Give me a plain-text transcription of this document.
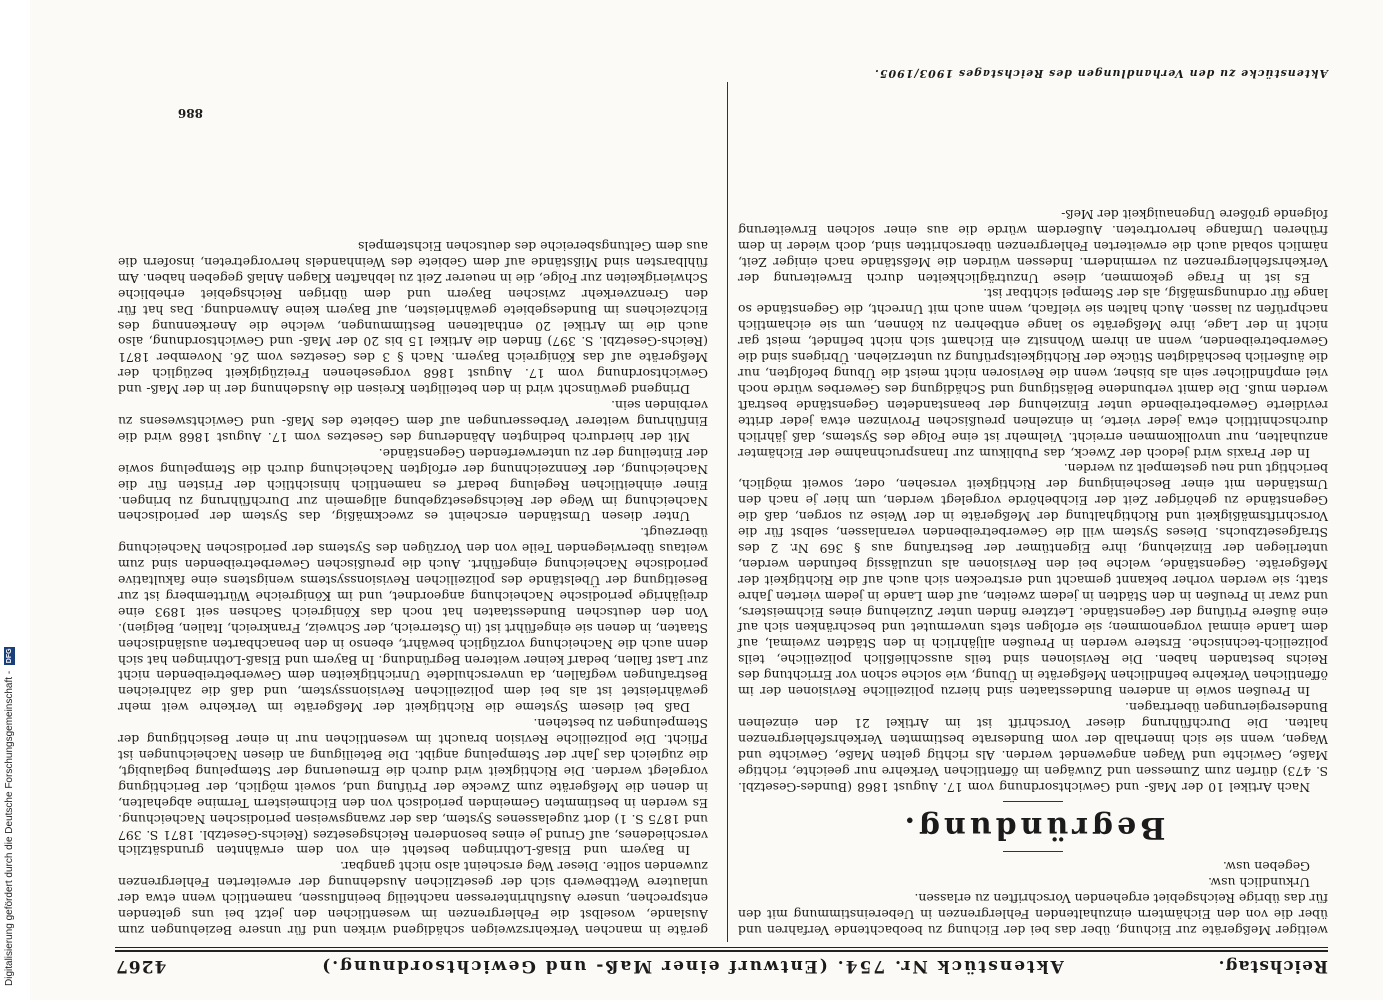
Digitalisierung gefördert durch die Deutsche Forschungsgemeinschaft -
DFG
Reichstag.
Aktenstück Nr. 754. (Entwurf einer Maß- und Gewichtsordnung.)
4267

weitiger Meßgeräte zur Eichung, über das bei der Eichung zu beobachtende Verfahren und über die von den Eichämtern einzuhaltenden Fehlergrenzen in Uebereinstimmung mit den für das übrige Reichsgebiet ergehenden Vorschriften zu erlassen.

Urkundlich usw.

Gegeben usw.

Begründung.

Nach Artikel 10 der Maß- und Gewichtsordnung vom 17. August 1868 (Bundes-Gesetzbl. S. 473) dürfen zum Zumessen und Zuwägen im öffentlichen Verkehre nur geeichte, richtige Maße, Gewichte und Wagen angewendet werden. Als richtig gelten Maße, Gewichte und Wagen, wenn sie sich innerhalb der vom Bundesrate bestimmten Verkehrsfehlergrenzen halten. Die Durchführung dieser Vorschrift ist im Artikel 21 den einzelnen Bundesregierungen übertragen.

In Preußen sowie in anderen Bundesstaaten sind hierzu polizeiliche Revisionen der im öffentlichen Verkehre befindlichen Meßgeräte in Übung, wie solche schon vor Errichtung des Reichs bestanden haben. Die Revisionen sind teils ausschließlich polizeiliche, teils polizeilich-technische. Erstere werden in Preußen alljährlich in den Städten zweimal, auf dem Lande einmal vorgenommen; sie erfolgen stets unvermutet und beschränken sich auf eine äußere Prüfung der Gegenstände. Letztere finden unter Zuziehung eines Eichmeisters, und zwar in Preußen in den Städten in jedem zweiten, auf dem Lande in jedem vierten Jahre statt; sie werden vorher bekannt gemacht und erstrecken sich auch auf die Richtigkeit der Meßgeräte. Gegenstände, welche bei den Revisionen als unzulässig befunden werden, unterliegen der Einziehung, ihre Eigentümer der Bestrafung aus § 369 Nr. 2 des Strafgesetzbuchs. Dieses System will die Gewerbetreibenden veranlassen, selbst für die Vorschriftsmäßigkeit und Richtighaltung der Meßgeräte in der Weise zu sorgen, daß die Gegenstände zu gehöriger Zeit der Eichbehörde vorgelegt werden, um hier je nach den Umständen mit einer Bescheinigung der Richtigkeit versehen, oder, soweit möglich, berichtigt und neu gestempelt zu werden.

In der Praxis wird jedoch der Zweck, das Publikum zur Inanspruchnahme der Eichämter anzuhalten, nur unvollkommen erreicht. Vielmehr ist eine Folge des Systems, daß jährlich durchschnittlich etwa jeder vierte, in einzelnen preußischen Provinzen etwa jeder dritte revidierte Gewerbetreibende unter Einziehung der beanstandeten Gegenstände bestraft werden muß. Die damit verbundene Belästigung und Schädigung des Gewerbes würde noch viel empfindlicher sein als bisher, wenn die Revisoren nicht meist die Übung befolgten, nur die äußerlich beschädigten Stücke der Richtigkeitsprüfung zu unterziehen. Übrigens sind die Gewerbetreibenden, wenn an ihrem Wohnsitz ein Eichamt sich nicht befindet, meist gar nicht in der Lage, ihre Meßgeräte so lange entbehren zu können, um sie eichamtlich nachprüfen zu lassen. Auch halten sie vielfach, wenn auch mit Unrecht, die Gegenstände so lange für ordnungsmäßig, als der Stempel sichtbar ist.

Es ist in Frage gekommen, diese Unzuträglichkeiten durch Erweiterung der Verkehrsfehlergrenzen zu vermindern. Indessen würden die Meßstände nach einiger Zeit, nämlich sobald auch die erweiterten Fehlergrenzen überschritten sind, doch wieder in dem früheren Umfange hervortreten. Außerdem würde die aus einer solchen Erweiterung folgende größere Ungenauigkeit der Meß-

geräte in manchen Verkehrszweigen schädigend wirken und für unsere Beziehungen zum Auslande, woselbst die Fehlergrenzen im wesentlichen den jetzt bei uns geltenden entsprechen, unsere Ausfuhrinteressen nachteilig beeinflussen, namentlich wenn etwa der unlautere Wettbewerb sich der gesetzlichen Ausdehnung der erweiterten Fehlergrenzen zuwenden sollte. Dieser Weg erscheint also nicht gangbar.

In Bayern und Elsaß-Lothringen besteht ein von dem erwähnten grundsätzlich verschiedenes, auf Grund je eines besonderen Reichsgesetzes (Reichs-Gesetzbl. 1871 S. 397 und 1875 S. 1) dort zugelassenes System, das der zwangsweisen periodischen Nacheichung. Es werden in bestimmten Gemeinden periodisch von den Eichmeistern Termine abgehalten, in denen die Meßgeräte zum Zwecke der Prüfung und, soweit möglich, der Berichtigung vorgelegt werden. Die Richtigkeit wird durch die Erneuerung der Stempelung beglaubigt, die zugleich das Jahr der Stempelung angibt. Die Beteiligung an diesen Nacheichungen ist Pflicht. Die polizeiliche Revision braucht im wesentlichen nur in einer Besichtigung der Stempelungen zu bestehen.

Daß bei diesem Systeme die Richtigkeit der Meßgeräte im Verkehre weit mehr gewährleistet ist als bei dem polizeilichen Revisionssystem, und daß die zahlreichen Bestrafungen wegfallen, da unverschuldete Unrichtigkeiten dem Gewerbetreibenden nicht zur Last fallen, bedarf keiner weiteren Begründung. In Bayern und Elsaß-Lothringen hat sich denn auch die Nacheichung vorzüglich bewährt, ebenso in den benachbarten ausländischen Staaten, in denen sie eingeführt ist (in Österreich, der Schweiz, Frankreich, Italien, Belgien). Von den deutschen Bundesstaaten hat noch das Königreich Sachsen seit 1893 eine dreijährige periodische Nacheichung angeordnet, und im Königreiche Württemberg ist zur Beseitigung der Übelstände des polizeilichen Revisionssystems wenigstens eine fakultative periodische Nacheichung eingeführt. Auch die preußischen Gewerbetreibenden sind zum weitaus überwiegenden Teile von den Vorzügen des Systems der periodischen Nacheichung überzeugt.

Unter diesen Umständen erscheint es zweckmäßig, das System der periodischen Nacheichung im Wege der Reichsgesetzgebung allgemein zur Durchführung zu bringen. Einer einheitlichen Regelung bedarf es namentlich hinsichtlich der Fristen für die Nacheichung, der Kennzeichnung der erfolgten Nacheichung durch die Stempelung sowie der Einteilung der zu unterwerfenden Gegenstände.

Mit der hierdurch bedingten Abänderung des Gesetzes vom 17. August 1868 wird die Einführung weiterer Verbesserungen auf dem Gebiete des Maß- und Gewichtswesens zu verbinden sein.

Dringend gewünscht wird in den beteiligten Kreisen die Ausdehnung der in der Maß- und Gewichtsordnung vom 17. August 1868 vorgesehenen Freizügigkeit bezüglich der Meßgeräte auf das Königreich Bayern. Nach § 3 des Gesetzes vom 26. November 1871 (Reichs-Gesetzbl. S. 397) finden die Artikel 15 bis 20 der Maß- und Gewichtsordnung, also auch die im Artikel 20 enthaltenen Bestimmungen, welche die Anerkennung des Eichzeichens im Bundesgebiete gewährleisten, auf Bayern keine Anwendung. Das hat für den Grenzverkehr zwischen Bayern und dem übrigen Reichsgebiet erhebliche Schwierigkeiten zur Folge, die in neuerer Zeit zu lebhaften Klagen Anlaß gegeben haben. Am fühlbarsten sind Mißstände auf dem Gebiete des Weinhandels hervorgetreten, insofern die aus dem Geltungsbereiche des deutschen Eichstempels

Aktenstücke zu den Verhandlungen des Reichstages 1903/1905.
886
